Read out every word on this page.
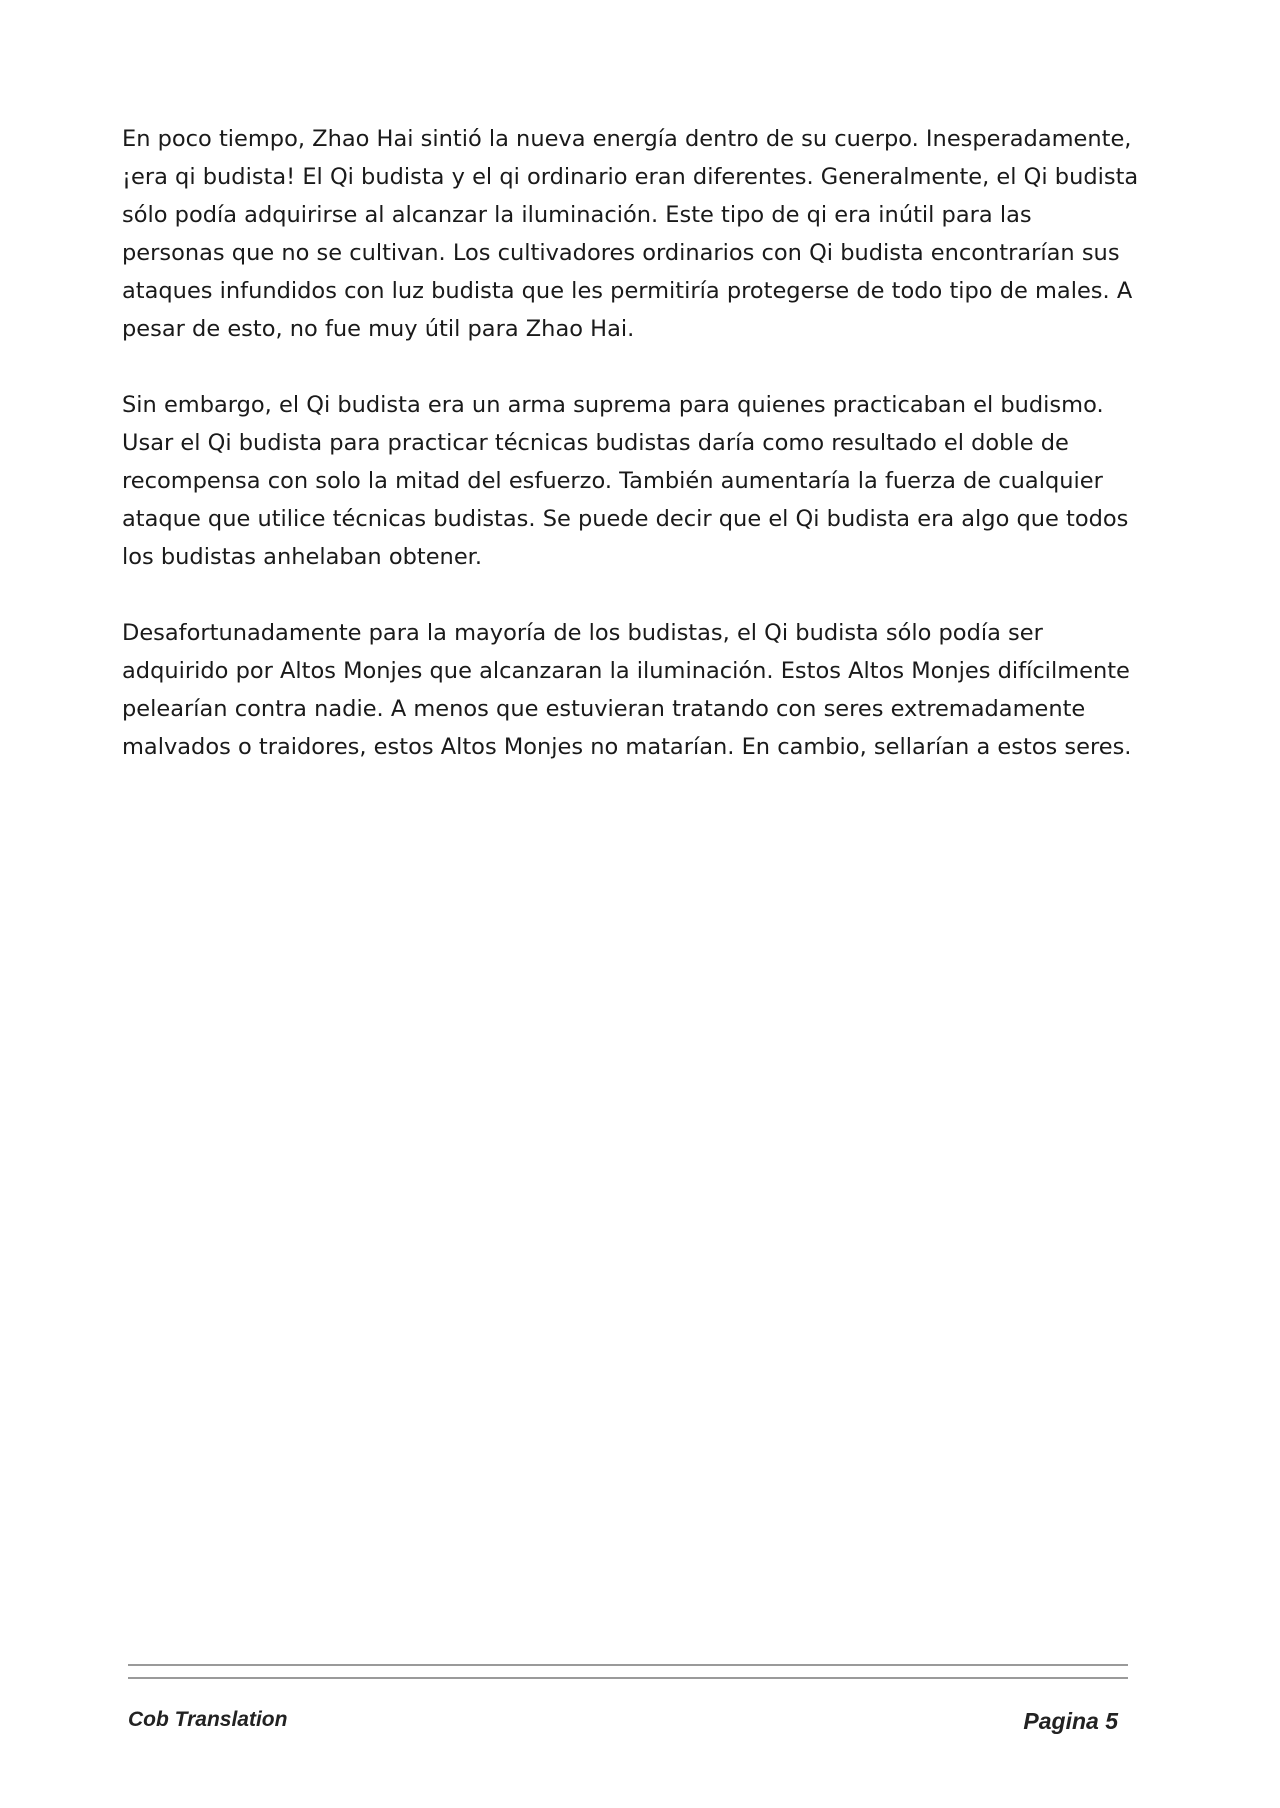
En poco tiempo, Zhao Hai sintió la nueva energía dentro de su cuerpo. Inesperadamente, ¡era qi budista! El Qi budista y el qi ordinario eran diferentes. Generalmente, el Qi budista sólo podía adquirirse al alcanzar la iluminación. Este tipo de qi era inútil para las personas que no se cultivan. Los cultivadores ordinarios con Qi budista encontrarían sus ataques infundidos con luz budista que les permitiría protegerse de todo tipo de males. A pesar de esto, no fue muy útil para Zhao Hai.

Sin embargo, el Qi budista era un arma suprema para quienes practicaban el budismo. Usar el Qi budista para practicar técnicas budistas daría como resultado el doble de recompensa con solo la mitad del esfuerzo. También aumentaría la fuerza de cualquier ataque que utilice técnicas budistas. Se puede decir que el Qi budista era algo que todos los budistas anhelaban obtener.

Desafortunadamente para la mayoría de los budistas, el Qi budista sólo podía ser adquirido por Altos Monjes que alcanzaran la iluminación. Estos Altos Monjes difícilmente pelearían contra nadie. A menos que estuvieran tratando con seres extremadamente malvados o traidores, estos Altos Monjes no matarían. En cambio, sellarían a estos seres.

Cob Translation	Pagina 5
